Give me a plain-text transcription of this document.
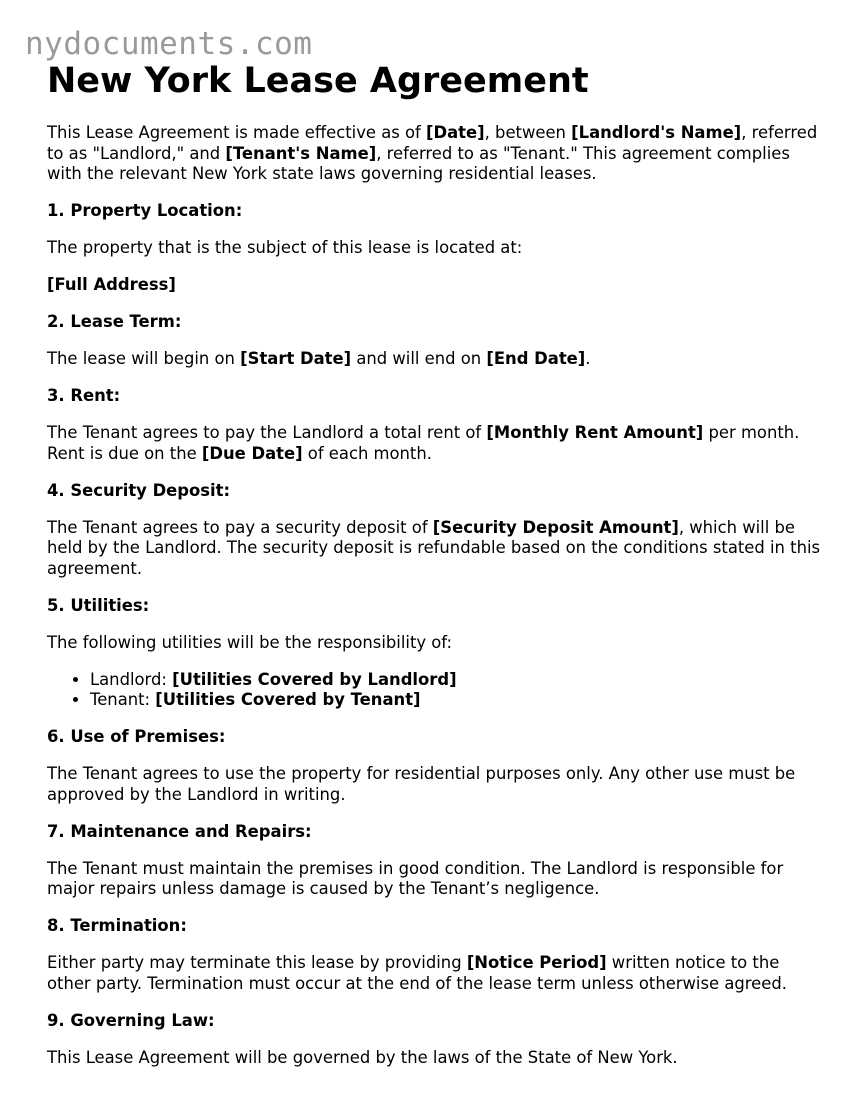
nydocuments.com
New York Lease Agreement

This Lease Agreement is made effective as of [Date], between [Landlord's Name], referred to as "Landlord," and [Tenant's Name], referred to as "Tenant." This agreement complies with the relevant New York state laws governing residential leases.

1. Property Location:

The property that is the subject of this lease is located at:

[Full Address]

2. Lease Term:

The lease will begin on [Start Date] and will end on [End Date].

3. Rent:

The Tenant agrees to pay the Landlord a total rent of [Monthly Rent Amount] per month. Rent is due on the [Due Date] of each month.

4. Security Deposit:

The Tenant agrees to pay a security deposit of [Security Deposit Amount], which will be held by the Landlord. The security deposit is refundable based on the conditions stated in this agreement.

5. Utilities:

The following utilities will be the responsibility of:

• Landlord: [Utilities Covered by Landlord]
• Tenant: [Utilities Covered by Tenant]
6. Use of Premises:

The Tenant agrees to use the property for residential purposes only. Any other use must be approved by the Landlord in writing.

7. Maintenance and Repairs:

The Tenant must maintain the premises in good condition. The Landlord is responsible for major repairs unless damage is caused by the Tenant’s negligence.

8. Termination:

Either party may terminate this lease by providing [Notice Period] written notice to the other party. Termination must occur at the end of the lease term unless otherwise agreed.

9. Governing Law:

This Lease Agreement will be governed by the laws of the State of New York.
